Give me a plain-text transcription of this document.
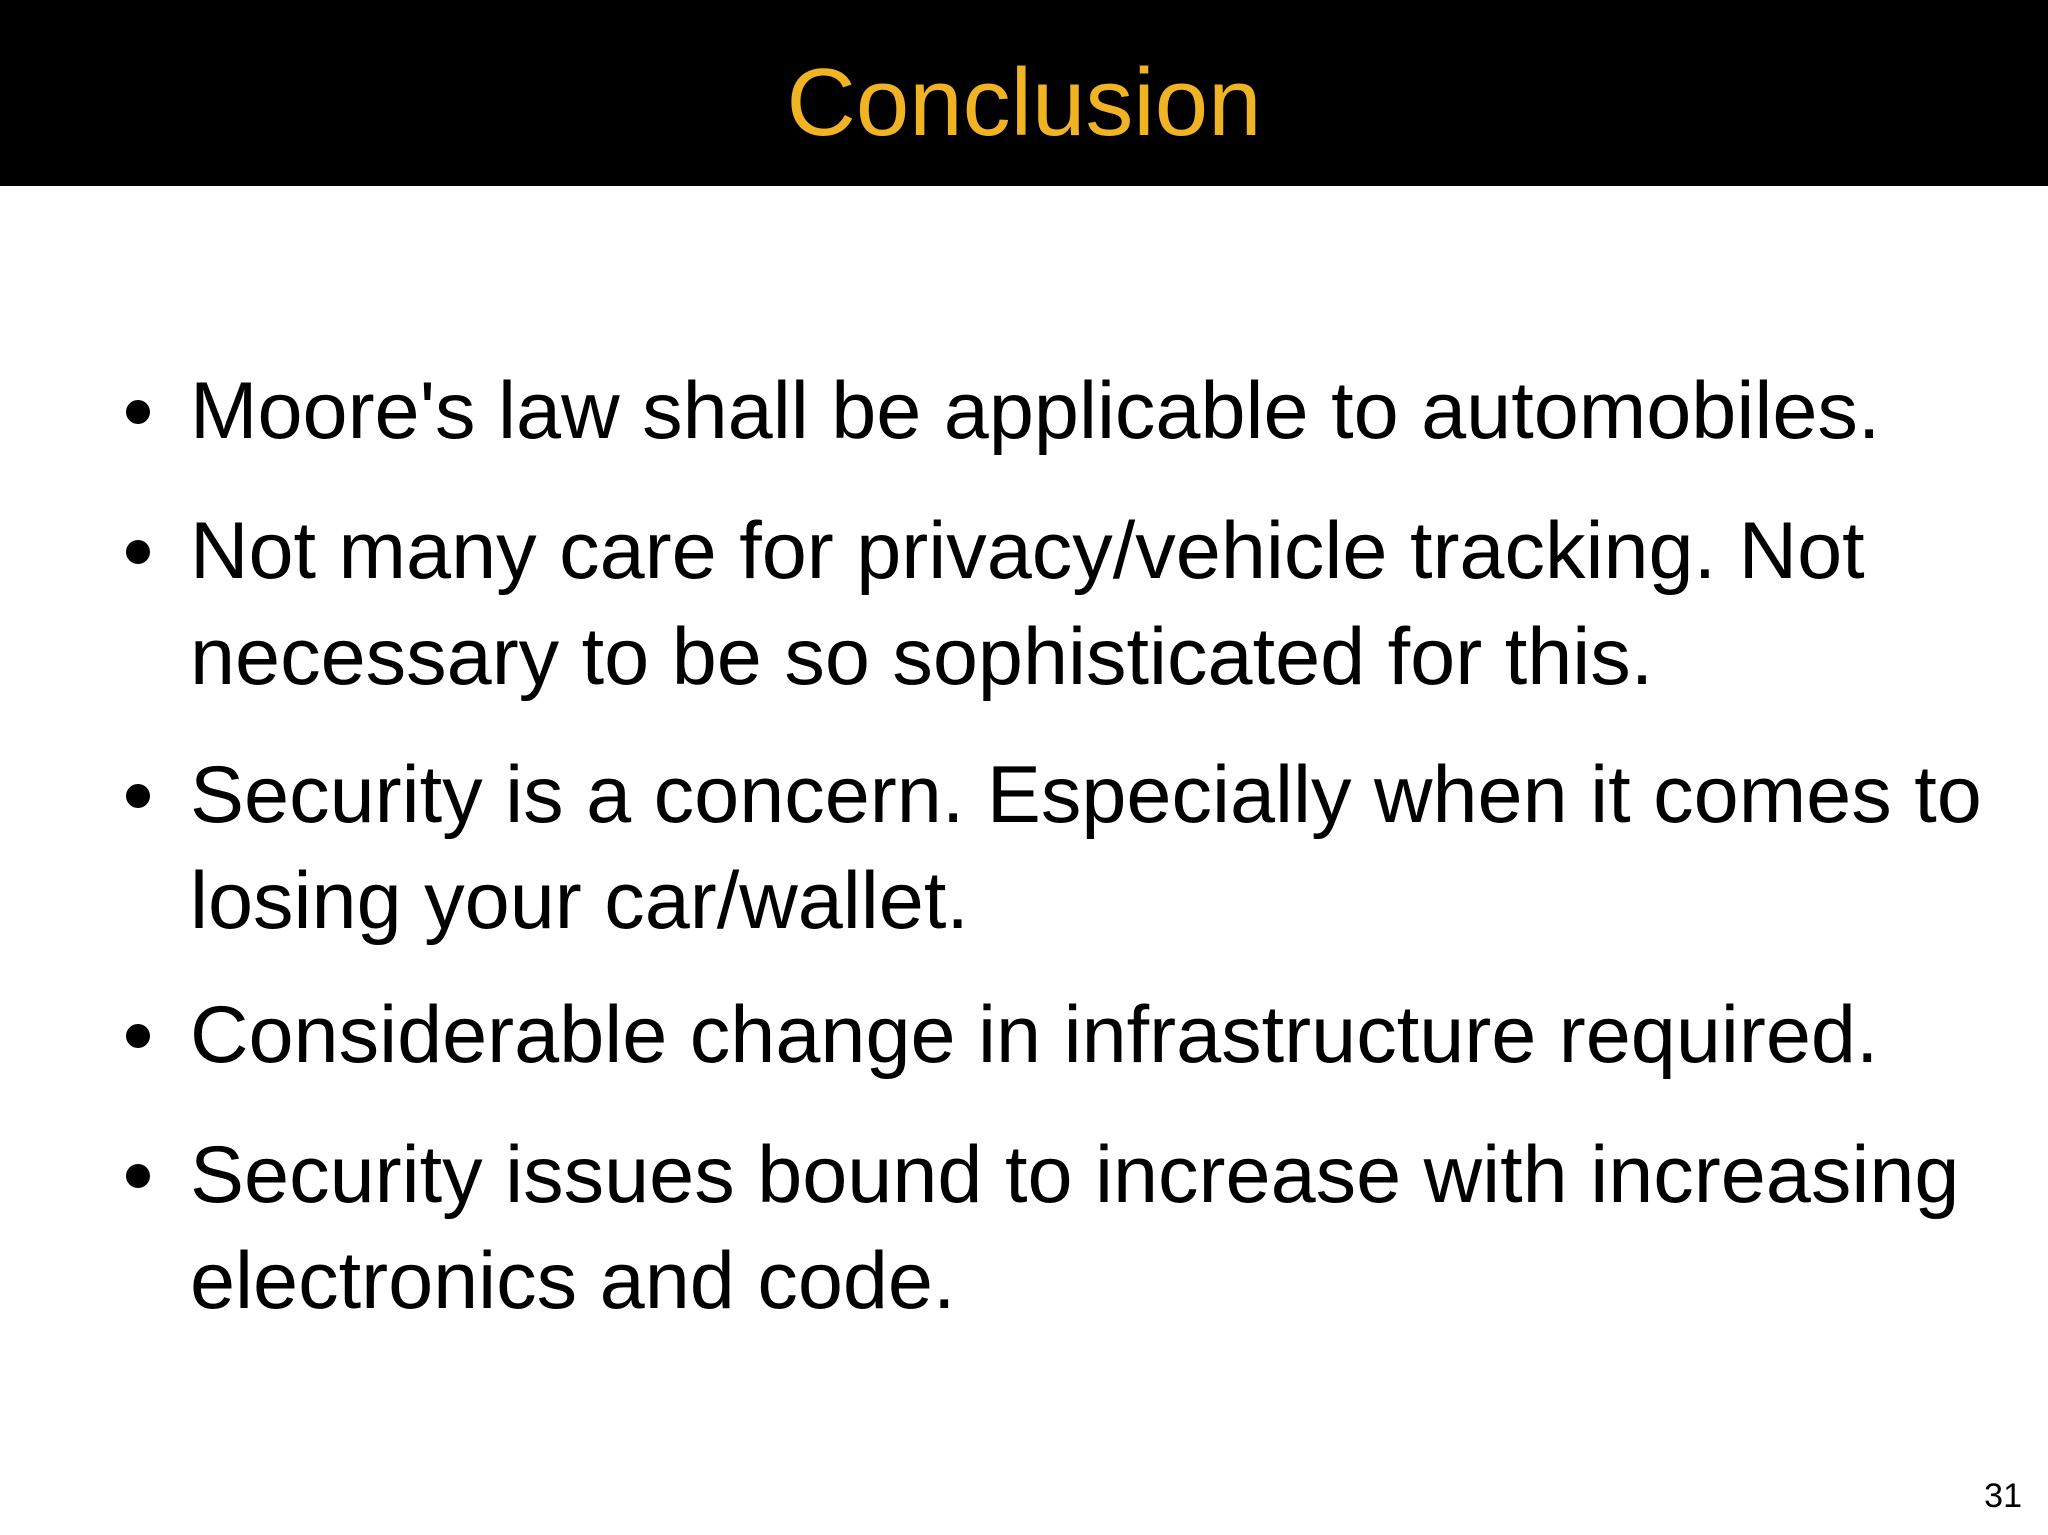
Conclusion
Moore's law shall be applicable to automobiles.
Not many care for privacy/vehicle tracking. Not necessary to be so sophisticated for this.
Security is a concern. Especially when it comes to losing your car/wallet.
Considerable change in infrastructure required.
Security issues bound to increase with increasing electronics and code.
31
